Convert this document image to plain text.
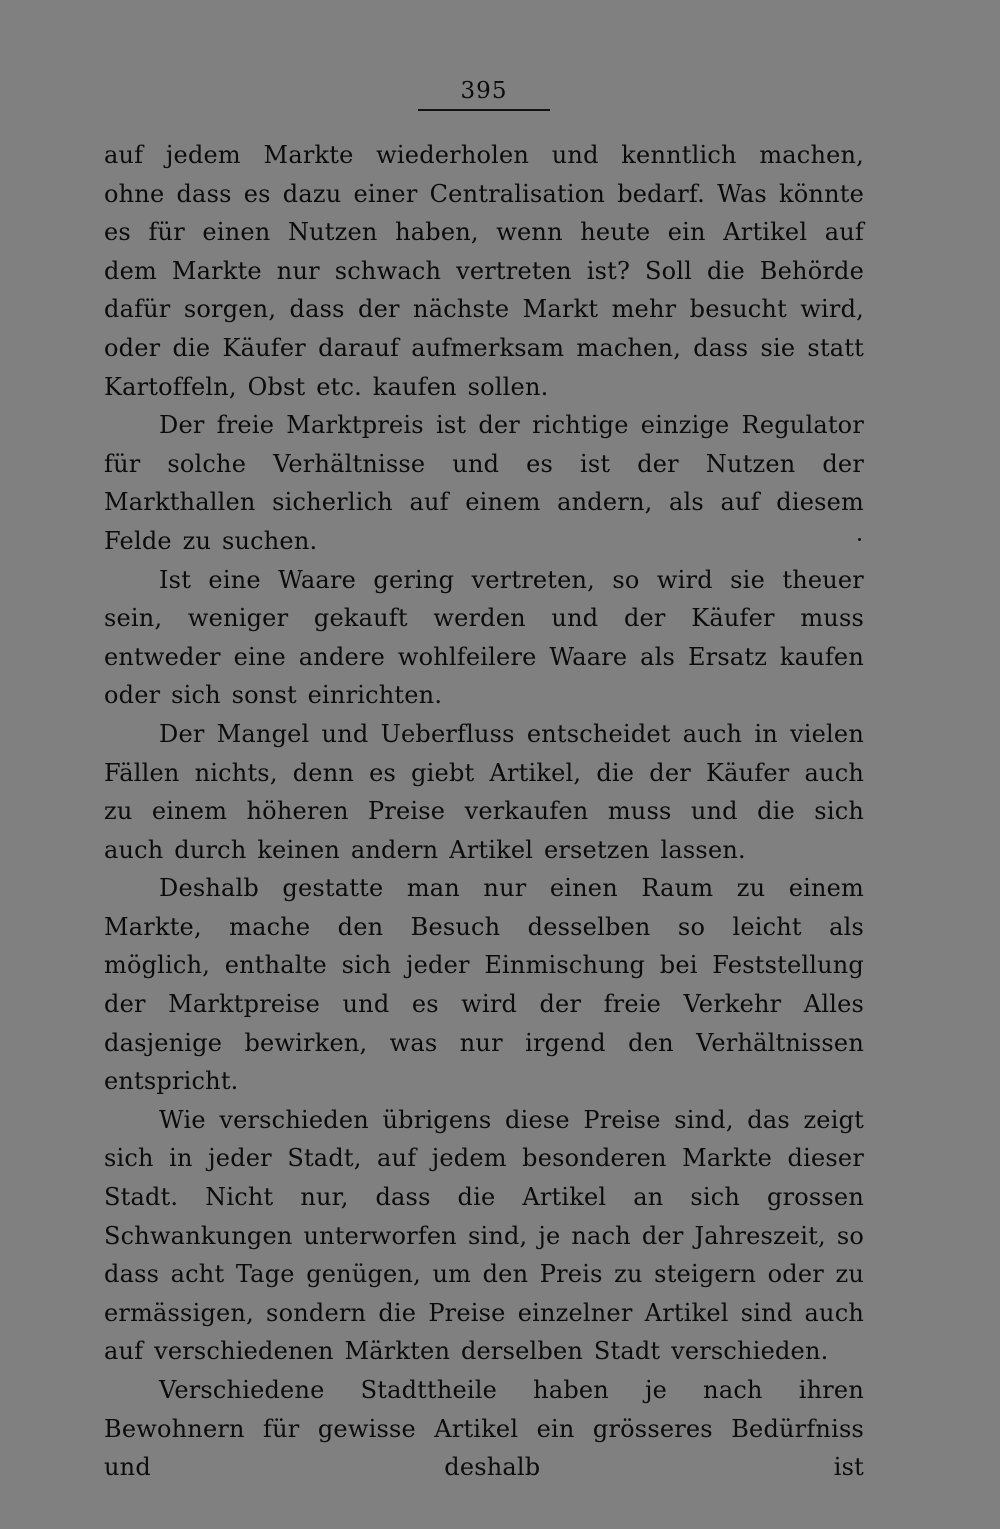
395

auf jedem Markte wiederholen und kenntlich machen, ohne dass es dazu einer Centralisation bedarf. Was könnte es für einen Nutzen haben, wenn heute ein Artikel auf dem Markte nur schwach vertreten ist? Soll die Behörde dafür sorgen, dass der nächste Markt mehr besucht wird, oder die Käufer darauf aufmerksam machen, dass sie statt Kartoffeln, Obst etc. kaufen sollen.

Der freie Marktpreis ist der richtige einzige Regulator für solche Verhältnisse und es ist der Nutzen der Markthallen sicherlich auf einem andern, als auf diesem Felde zu suchen.

Ist eine Waare gering vertreten, so wird sie theuer sein, weniger gekauft werden und der Käufer muss entweder eine andere wohlfeilere Waare als Ersatz kaufen oder sich sonst einrichten.

Der Mangel und Ueberfluss entscheidet auch in vielen Fällen nichts, denn es giebt Artikel, die der Käufer auch zu einem höheren Preise verkaufen muss und die sich auch durch keinen andern Artikel ersetzen lassen.

Deshalb gestatte man nur einen Raum zu einem Markte, mache den Besuch desselben so leicht als möglich, enthalte sich jeder Einmischung bei Feststellung der Marktpreise und es wird der freie Verkehr Alles dasjenige bewirken, was nur irgend den Verhältnissen entspricht.

Wie verschieden übrigens diese Preise sind, das zeigt sich in jeder Stadt, auf jedem besonderen Markte dieser Stadt. Nicht nur, dass die Artikel an sich grossen Schwankungen unterworfen sind, je nach der Jahreszeit, so dass acht Tage genügen, um den Preis zu steigern oder zu ermässigen, sondern die Preise einzelner Artikel sind auch auf verschiedenen Märkten derselben Stadt verschieden.

Verschiedene Stadttheile haben je nach ihren Bewohnern für gewisse Artikel ein grösseres Bedürfniss und deshalb ist
